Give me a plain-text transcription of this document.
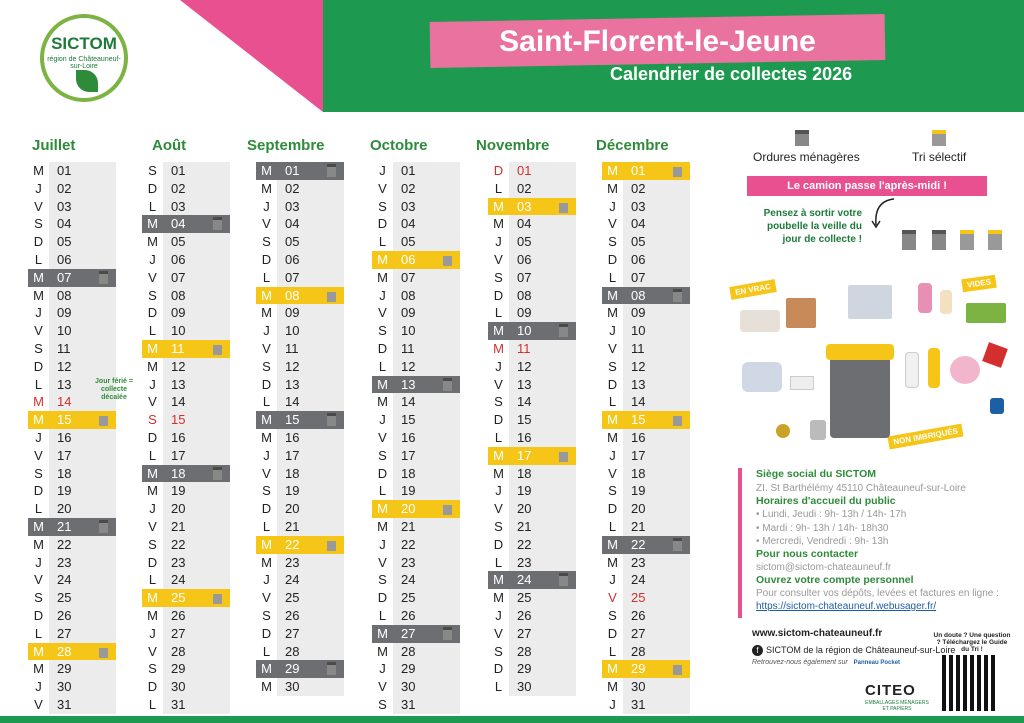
SICTOM
région de Châteauneuf-sur-Loire
Saint-Florent-le-Jeune
Calendrier de collectes 2026
Juillet
M	01
J	02
V	03
S	04
D	05
L	06
M	07
M	08
J	09
V	10
S	11
D	12
L	13
M	14
M	15
J	16
V	17
S	18
D	19
L	20
M	21
M	22
J	23
V	24
S	25
D	26
L	27
M	28
M	29
J	30
V	31
Août
S	01
D	02
L	03
M	04
M	05
J	06
V	07
S	08
D	09
L	10
M	11
M	12
J	13
V	14
S	15
D	16
L	17
M	18
M	19
J	20
V	21
S	22
D	23
L	24
M	25
M	26
J	27
V	28
S	29
D	30
L	31
Septembre
M	01
M	02
J	03
V	04
S	05
D	06
L	07
M	08
M	09
J	10
V	11
S	12
D	13
L	14
M	15
M	16
J	17
V	18
S	19
D	20
L	21
M	22
M	23
J	24
V	25
S	26
D	27
L	28
M	29
M	30
Octobre
J	01
V	02
S	03
D	04
L	05
M	06
M	07
J	08
V	09
S	10
D	11
L	12
M	13
M	14
J	15
V	16
S	17
D	18
L	19
M	20
M	21
J	22
V	23
S	24
D	25
L	26
M	27
M	28
J	29
V	30
S	31
Novembre
D	01
L	02
M	03
M	04
J	05
V	06
S	07
D	08
L	09
M	10
M	11
J	12
V	13
S	14
D	15
L	16
M	17
M	18
J	19
V	20
S	21
D	22
L	23
M	24
M	25
J	26
V	27
S	28
D	29
L	30
Décembre
M	01
M	02
J	03
V	04
S	05
D	06
L	07
M	08
M	09
J	10
V	11
S	12
D	13
L	14
M	15
M	16
J	17
V	18
S	19
D	20
L	21
M	22
M	23
J	24
V	25
S	26
D	27
L	28
M	29
M	30
J	31
Jour férié = collecte décalée
Ordures ménagères	Tri sélectif
Le camion passe l'après-midi !
Pensez à sortir votre poubelle la veille du jour de collecte !
EN VRAC	VIDES
NON IMBRIQUÉS
Siège social du SICTOM
ZI. St Barthélémy 45110 Châteauneuf-sur-Loire
Horaires d'accueil du public
• Lundi, Jeudi : 9h- 13h / 14h- 17h
• Mardi : 9h- 13h / 14h- 18h30
• Mercredi, Vendredi : 9h- 13h
Pour nous contacter
sictom@sictom-chateauneuf.fr
Ouvrez votre compte personnel
Pour consulter vos dépôts, levées et factures en ligne :
https://sictom-chateauneuf.webusager.fr/
www.sictom-chateauneuf.fr
f SICTOM de la région de Châteauneuf-sur-Loire
Retrouvez-nous également sur Panneau Pocket
Un doute ? Une question ? Téléchargez le Guide du Tri !
CITEO
EMBALLAGES MÉNAGERS ET PAPIERS
